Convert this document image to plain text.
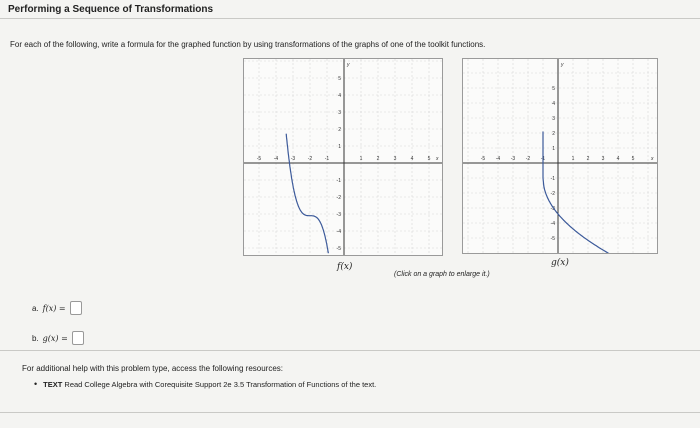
Performing a Sequence of Transformations
For each of the following, write a formula for the graphed function by using transformations of the graphs of one of the toolkit functions.
-5	-4	-3	-2	-1	1	2	3	4	5
5
4
3
2
1
-1
-2
-3
-4
-5
x
y
f(x)
-5 -4 -3 -2 -1	1 2 3 4 5
5
4
3
2
1
-1
-2
-3
-4
-5
x
y
g(x)
(Click on a graph to enlarge it.)
a. f(x) =
b. g(x) =
For additional help with this problem type, access the following resources:
• TEXT Read College Algebra with Corequisite Support 2e 3.5 Transformation of Functions of the text.
